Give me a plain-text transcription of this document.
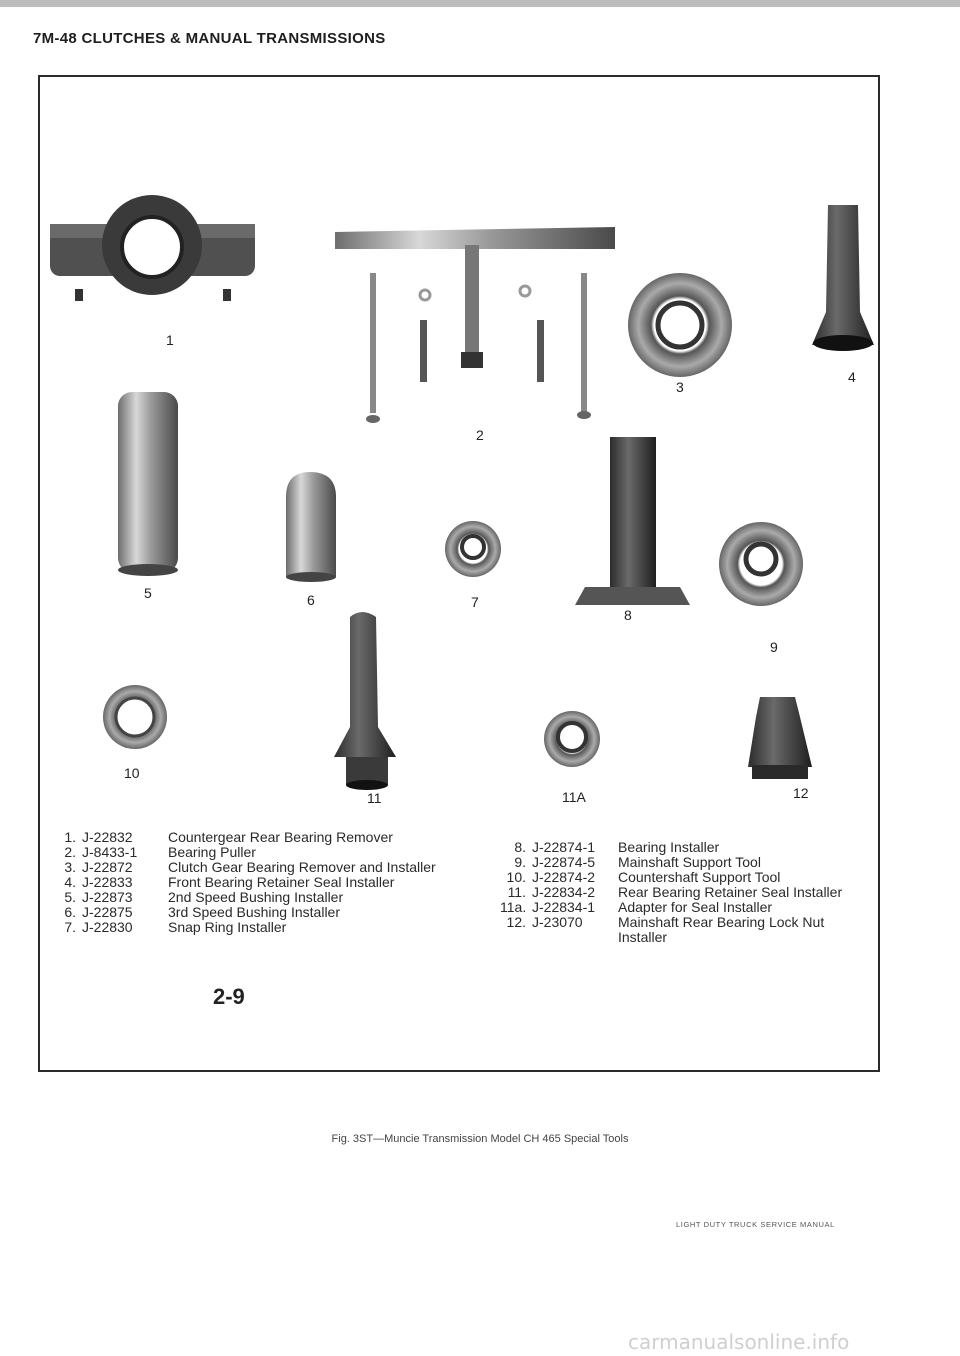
7M-48 CLUTCHES & MANUAL TRANSMISSIONS
1
2
3
4
5	6	7
8
9
10
11	11A	12
1. J-22832	Countergear Rear Bearing Remover
2. J-8433-1	Bearing Puller
3. J-22872	Clutch Gear Bearing Remover and Installer
4. J-22833	Front Bearing Retainer Seal Installer
5. J-22873	2nd Speed Bushing Installer
6. J-22875	3rd Speed Bushing Installer
7. J-22830	Snap Ring Installer
8. J-22874-1	Bearing Installer
9. J-22874-5	Mainshaft Support Tool
10. J-22874-2	Countershaft Support Tool
11. J-22834-2	Rear Bearing Retainer Seal Installer
11a. J-22834-1	Adapter for Seal Installer
12. J-23070	Mainshaft Rear Bearing Lock Nut
Installer
2-9
Fig. 3ST—Muncie Transmission Model CH 465 Special Tools
LIGHT DUTY TRUCK SERVICE MANUAL
carmanualsonline.info
